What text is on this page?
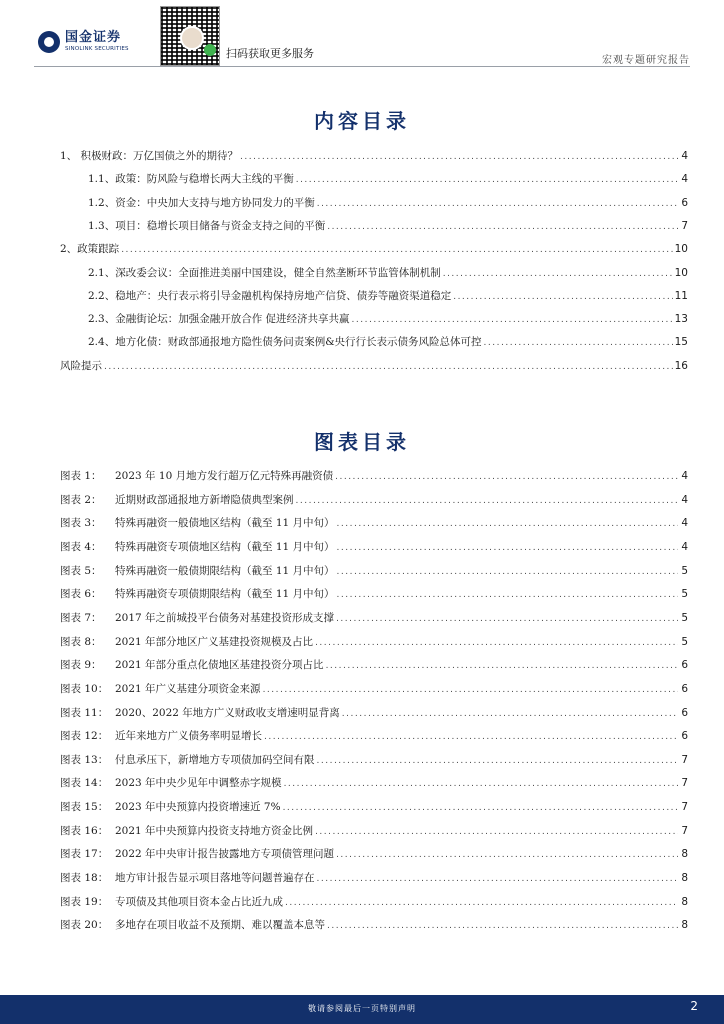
国金证券
SINOLINK SECURITIES	扫码获取更多服务
宏观专题研究报告
内容目录
1、 积极财政：万亿国债之外的期待？ .....	4
1.1、政策：防风险与稳增长两大主线的平衡 .....	4
1.2、资金：中央加大支持与地方协同发力的平衡 .....	6
1.3、项目：稳增长项目储备与资金支持之间的平衡 .....	7
2、政策跟踪 .....	10
2.1、深改委会议：全面推进美丽中国建设，健全自然垄断环节监管体制机制 .....	10
2.2、稳地产：央行表示将引导金融机构保持房地产信贷、债券等融资渠道稳定 .....	11
2.3、金融街论坛：加强金融开放合作 促进经济共享共赢 .....	13
2.4、地方化债：财政部通报地方隐性债务问责案例&央行行长表示债务风险总体可控 .....	15
风险提示 .....	16
图表目录
图表 1：	2023 年 10 月地方发行超万亿元特殊再融资债 .....	4
图表 2：	近期财政部通报地方新增隐债典型案例 .....	4
图表 3：	特殊再融资一般债地区结构（截至 11 月中旬） .....	4
图表 4：	特殊再融资专项债地区结构（截至 11 月中旬） .....	4
图表 5：	特殊再融资一般债期限结构（截至 11 月中旬） .....	5
图表 6：	特殊再融资专项债期限结构（截至 11 月中旬） .....	5
图表 7：	2017 年之前城投平台债务对基建投资形成支撑 .....	5
图表 8：	2021 年部分地区广义基建投资规模及占比 .....	5
图表 9：	2021 年部分重点化债地区基建投资分项占比 .....	6
图表 10： 2021 年广义基建分项资金来源 .....	6
图表 11： 2020、2022 年地方广义财政收支增速明显背离 .....	6
图表 12： 近年来地方广义债务率明显增长 .....	6
图表 13： 付息承压下，新增地方专项债加码空间有限 .....	7
图表 14： 2023 年中央少见年中调整赤字规模 .....	7
图表 15： 2023 年中央预算内投资增速近 7% .....	7
图表 16： 2021 年中央预算内投资支持地方资金比例 .....	7
图表 17： 2022 年中央审计报告披露地方专项债管理问题 .....	8
图表 18： 地方审计报告显示项目落地等问题普遍存在 .....	8
图表 19： 专项债及其他项目资本金占比近九成 .....	8
图表 20： 多地存在项目收益不及预期、难以覆盖本息等 .....	8
敬请参阅最后一页特别声明	2
